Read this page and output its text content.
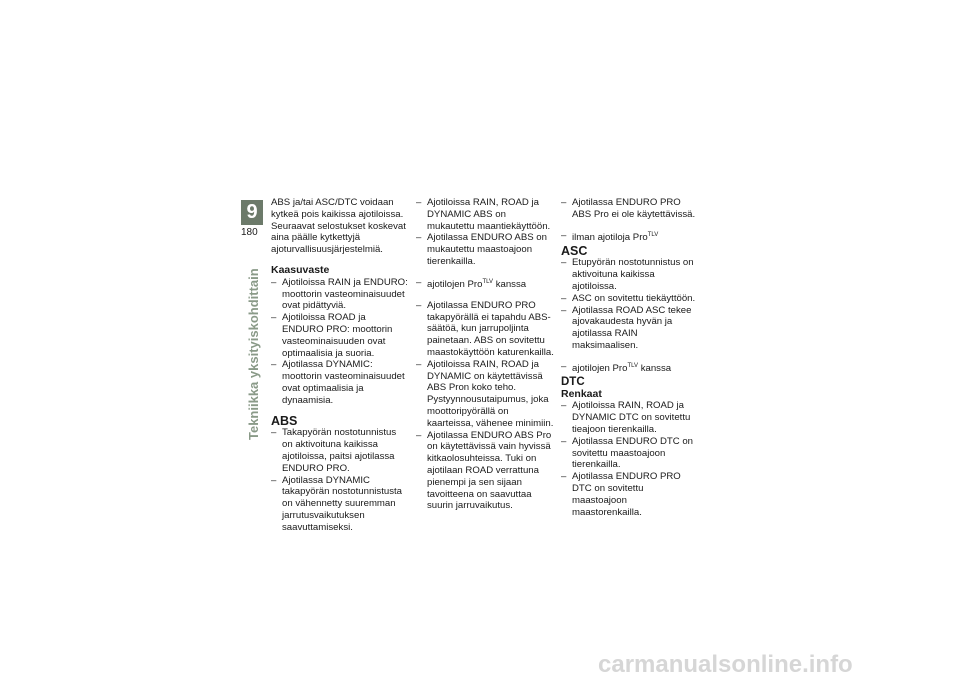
9
180
Tekniikka yksityiskohdittain

ABS ja/tai ASC/DTC voidaan kytkeä pois kaikissa ajotiloissa. Seuraavat selostukset koskevat aina päälle kytkettyjä ajoturvallisuusjärjestelmiä.

Kaasuvaste
– Ajotiloissa RAIN ja ENDURO: moottorin vasteominaisuudet ovat pidättyviä.
– Ajotiloissa ROAD ja ENDURO PRO: moottorin vasteominaisuuden ovat optimaalisia ja suoria.
– Ajotilassa DYNAMIC: moottorin vasteominaisuudet ovat optimaalisia ja dynaamisia.
ABS
– Takapyörän nostotunnistus on aktivoituna kaikissa ajotiloissa, paitsi ajotilassa ENDURO PRO.
– Ajotilassa DYNAMIC takapyörän nostotunnistusta on vähennetty suuremman jarrutusvaikutuksen saavuttamiseksi.
– Ajotiloissa RAIN, ROAD ja DYNAMIC ABS on mukautettu maantiekäyttöön.
– Ajotilassa ENDURO ABS on mukautettu maastoajoon tierenkailla.
– ajotilojen Pro$^{TLV}$ kanssa
– Ajotilassa ENDURO PRO takapyörällä ei tapahdu ABS-säätöä, kun jarrupoljinta painetaan. ABS on sovitettu maastokäyttöön katurenkailla.
– Ajotiloissa RAIN, ROAD ja DYNAMIC on käytettävissä ABS Pron koko teho. Pystyynnousutaipumus, joka moottoripyörällä on kaarteissa, vähenee minimiin.
– Ajotilassa ENDURO ABS Pro on käytettävissä vain hyvissä kitkaolosuhteissa. Tuki on ajotilaan ROAD verrattuna pienempi ja sen sijaan tavoitteena on saavuttaa suurin jarruvaikutus.
– Ajotilassa ENDURO PRO ABS Pro ei ole käytettävissä.
– ilman ajotiloja Pro$^{TLV}$
ASC
– Etupyörän nostotunnistus on aktivoituna kaikissa ajotiloissa.
– ASC on sovitettu tiekäyttöön.
– Ajotilassa ROAD ASC tekee ajovakaudesta hyvän ja ajotilassa RAIN maksimaalisen.
– ajotilojen Pro$^{TLV}$ kanssa
DTC
Renkaat
– Ajotiloissa RAIN, ROAD ja DYNAMIC DTC on sovitettu tieajoon tierenkailla.
– Ajotilassa ENDURO DTC on sovitettu maastoajoon tierenkailla.
– Ajotilassa ENDURO PRO DTC on sovitettu maastoajoon maastorenkailla.
carmanualsonline.info
